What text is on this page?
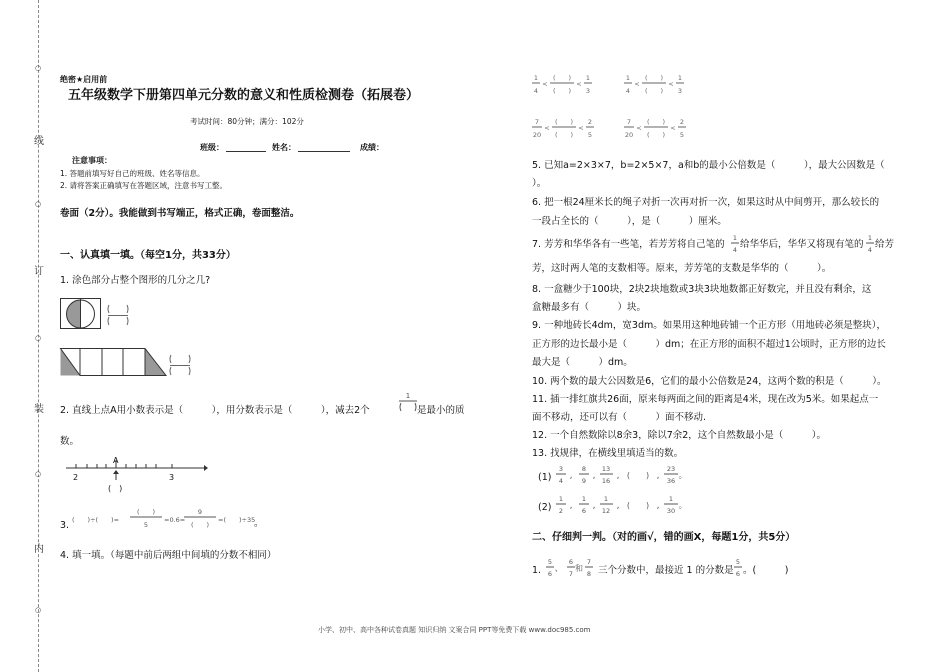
○
线
○
订
○
装
○
内
○
绝密★启用前
五年级数学下册第四单元分数的意义和性质检测卷（拓展卷）
考试时间：80分钟；满分：102分
班级：	姓名：	成绩：
注意事项：
1. 答题前填写好自己的班级、姓名等信息。
2. 请将答案正确填写在答题区域，注意书写工整。
卷面（2分）。我能做到书写端正，格式正确，卷面整洁。
一、认真填一填。（每空1分，共33分）
1. 涂色部分占整个图形的几分之几?
2. 直线上点A用小数表示是（　　　），用分数表示是（　　　），减去2个
1
是最小的质
数。
A
2	3
(　)
3. (　　)÷(　　)=
(　　)
5
=0.6=
9
(　　)
=(　　)÷35
。
4. 填一填。（每题中前后两组中间填的分数不相同）
1
4
<
(　　)
(　　)
<
1
3
1
4
<
(　　)
(　　)
<
1
3
7
20
<
(　　)
(　　)
<
2
5
7
20
<
(　　)
(　　)
<
2
5
5. 已知a=2×3×7，b=2×5×7，a和b的最小公倍数是（　　　），最大公因数是（
）。
6. 把一根24厘米长的绳子对折一次再对折一次，如果这时从中间剪开，那么较长的
一段占全长的（　　　），是（　　　）厘米。
7. 芳芳和华华各有一些笔，若芳芳将自己笔的
1
4 给华华后，华华又将现有笔的
1
4 给芳
芳，这时两人笔的支数相等。原来，芳芳笔的支数是华华的（　　　）。
8. 一盒糖少于100块，2块2块地数或3块3块地数都正好数完，并且没有剩余，这
盒糖最多有（　　　）块。
9. 一种地砖长4dm，宽3dm。如果用这种地砖铺一个正方形（用地砖必须是整块），
正方形的边长最小是（　　　）dm；在正方形的面积不超过1公顷时，正方形的边长
最大是（　　　）dm。
10. 两个数的最大公因数是6，它们的最小公倍数是24，这两个数的积是（　　　）。
11. 插一排红旗共26面，原来每两面之间的距离是4米，现在改为5米。如果起点一
面不移动，还可以有（　　　）面不移动.
12. 一个自然数除以8余3，除以7余2，这个自然数最小是（　　　）。
13. 找规律，在横线里填适当的数。
(1)
3
4 ,
8
9 ,
13
16 , (　　) ,
23
36 。
(2)
1
2 ,
1
6 ,
1
12 , (　　) ,
1
30 。
二、仔细判一判。（对的画√，错的画X，每题1分，共5分）
1.
5
6 、
6
7
和
7
8 三个分数中，最接近 1 的分数是
5
6 。(　　　)
小学、初中、高中各种试卷真题 知识归纳 文案合同 PPT等免费下载 www.doc985.com
